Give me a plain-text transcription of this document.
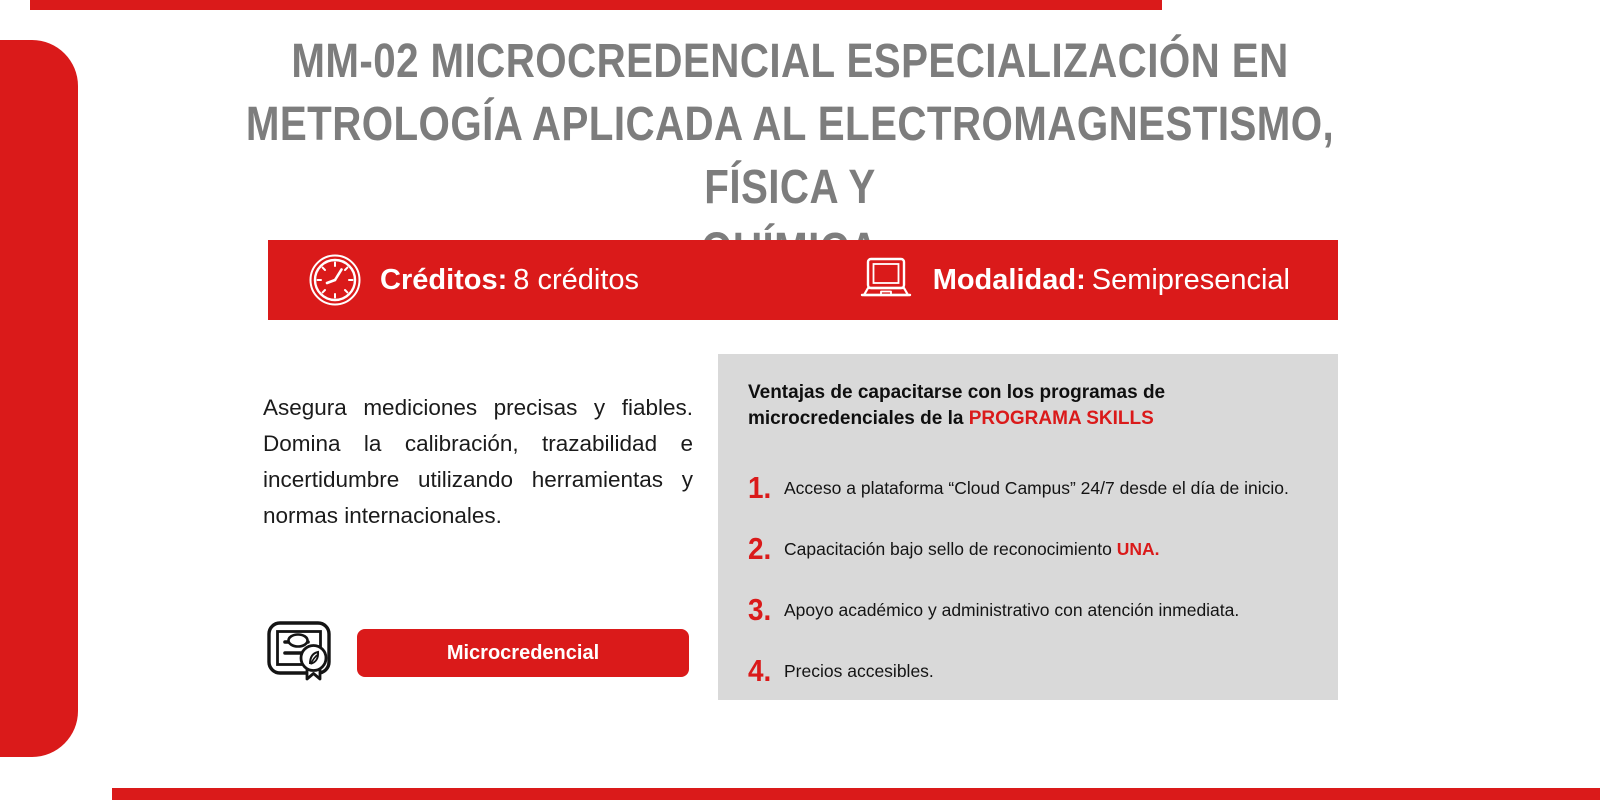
MM-02 MICROCREDENCIAL ESPECIALIZACIÓN EN
METROLOGÍA APLICADA AL ELECTROMAGNESTISMO, FÍSICA Y
Créditos: 8 créditos	Modalidad: Semipresencial

Asegura mediciones precisas y fiables. Domina la calibración, trazabilidad e incertidumbre utilizando herramientas y normas internacionales.

Microcredencial
Ventajas de capacitarse con los programas de microcredenciales de la PROGRAMA SKILLS
1. Acceso a plataforma “Cloud Campus” 24/7 desde el día de inicio.
2. Capacitación bajo sello de reconocimiento UNA.
3. Apoyo académico y administrativo con atención inmediata.
4. Precios accesibles.
